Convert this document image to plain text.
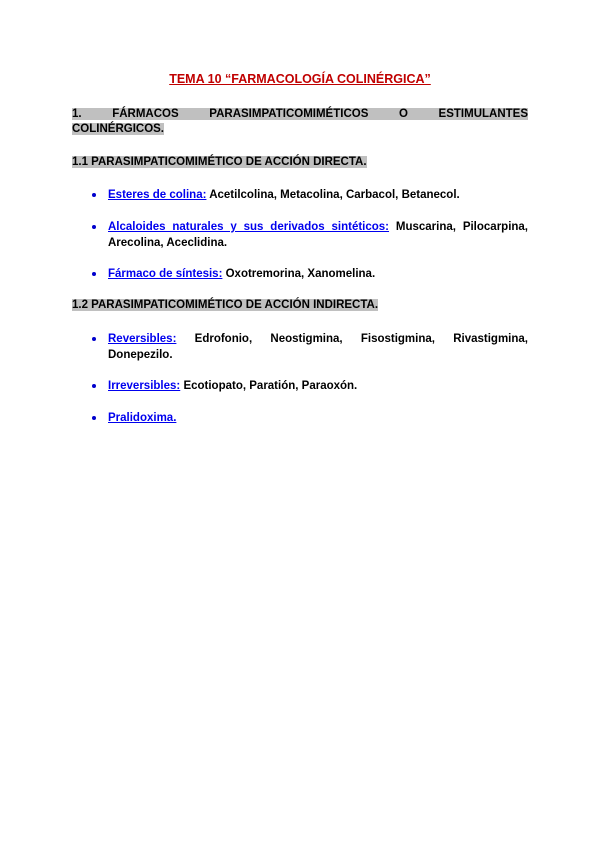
TEMA 10 “FARMACOLOGÍA COLINÉRGICA”
1. FÁRMACOS PARASIMPATICOMIMÉTICOS O ESTIMULANTES
COLINÉRGICOS.
1.1 PARASIMPATICOMIMÉTICO DE ACCIÓN DIRECTA.
Esteres de colina: Acetilcolina, Metacolina, Carbacol, Betanecol.
Alcaloides naturales y sus derivados sintéticos: Muscarina, Pilocarpina, Arecolina, Aceclidina.
Fármaco de síntesis: Oxotremorina, Xanomelina.
1.2 PARASIMPATICOMIMÉTICO DE ACCIÓN INDIRECTA.
Reversibles: Edrofonio, Neostigmina, Fisostigmina, Rivastigmina, Donepezilo.
Irreversibles: Ecotiopato, Paratión, Paraoxón.
Pralidoxima.
